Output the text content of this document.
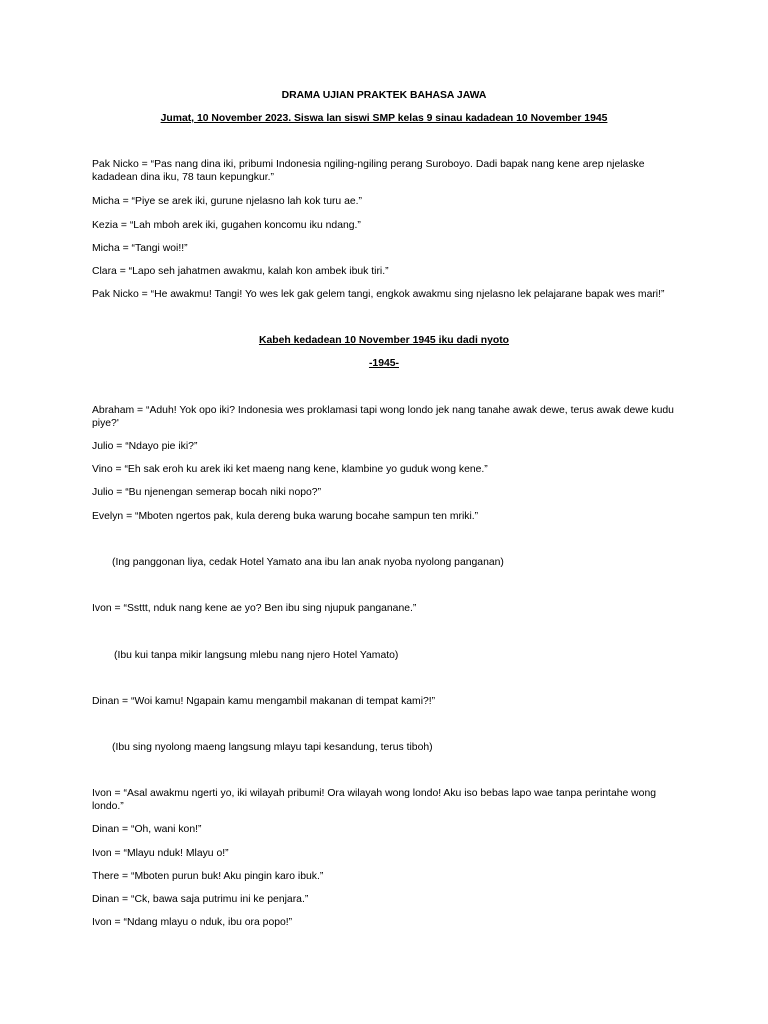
DRAMA UJIAN PRAKTEK BAHASA JAWA
Jumat, 10 November 2023. Siswa lan siswi SMP kelas 9 sinau kadadean 10 November 1945
Pak Nicko = “Pas nang dina iki, pribumi Indonesia ngiling-ngiling perang Suroboyo. Dadi bapak nang kene arep njelaske kadadean dina iku, 78 taun kepungkur.”
Micha = “Piye se arek iki, gurune njelasno lah kok turu ae.”
Kezia = “Lah mboh arek iki, gugahen koncomu iku ndang.”
Micha = “Tangi woi!!”
Clara = “Lapo seh jahatmen awakmu, kalah kon ambek ibuk tiri.”
Pak Nicko = “He awakmu! Tangi! Yo wes lek gak gelem tangi, engkok awakmu sing njelasno lek pelajarane bapak wes mari!”
Kabeh kedadean 10 November 1945 iku dadi nyoto
-1945-
Abraham = “Aduh! Yok opo iki? Indonesia wes proklamasi tapi wong londo jek nang tanahe awak dewe, terus awak dewe kudu piye?'
Julio = “Ndayo pie iki?”
Vino = “Eh sak eroh ku arek iki ket maeng nang kene, klambine yo guduk wong kene.”
Julio = “Bu njenengan semerap bocah niki nopo?”
Evelyn = “Mboten ngertos pak, kula dereng buka warung bocahe sampun ten mriki.”
(Ing panggonan liya, cedak Hotel Yamato ana ibu lan anak nyoba nyolong panganan)
Ivon = “Ssttt, nduk nang kene ae yo? Ben ibu sing njupuk panganane.”
(Ibu kui tanpa mikir langsung mlebu nang njero Hotel Yamato)
Dinan = “Woi kamu! Ngapain kamu mengambil makanan di tempat kami?!”
(Ibu sing nyolong maeng langsung mlayu tapi kesandung, terus tiboh)
Ivon = “Asal awakmu ngerti yo, iki wilayah pribumi! Ora wilayah wong londo! Aku iso bebas lapo wae tanpa perintahe wong londo.”
Dinan = “Oh, wani kon!”
Ivon = “Mlayu nduk! Mlayu o!”
There = “Mboten purun buk! Aku pingin karo ibuk.”
Dinan = “Ck, bawa saja putrimu ini ke penjara.”
Ivon = “Ndang mlayu o nduk, ibu ora popo!”
